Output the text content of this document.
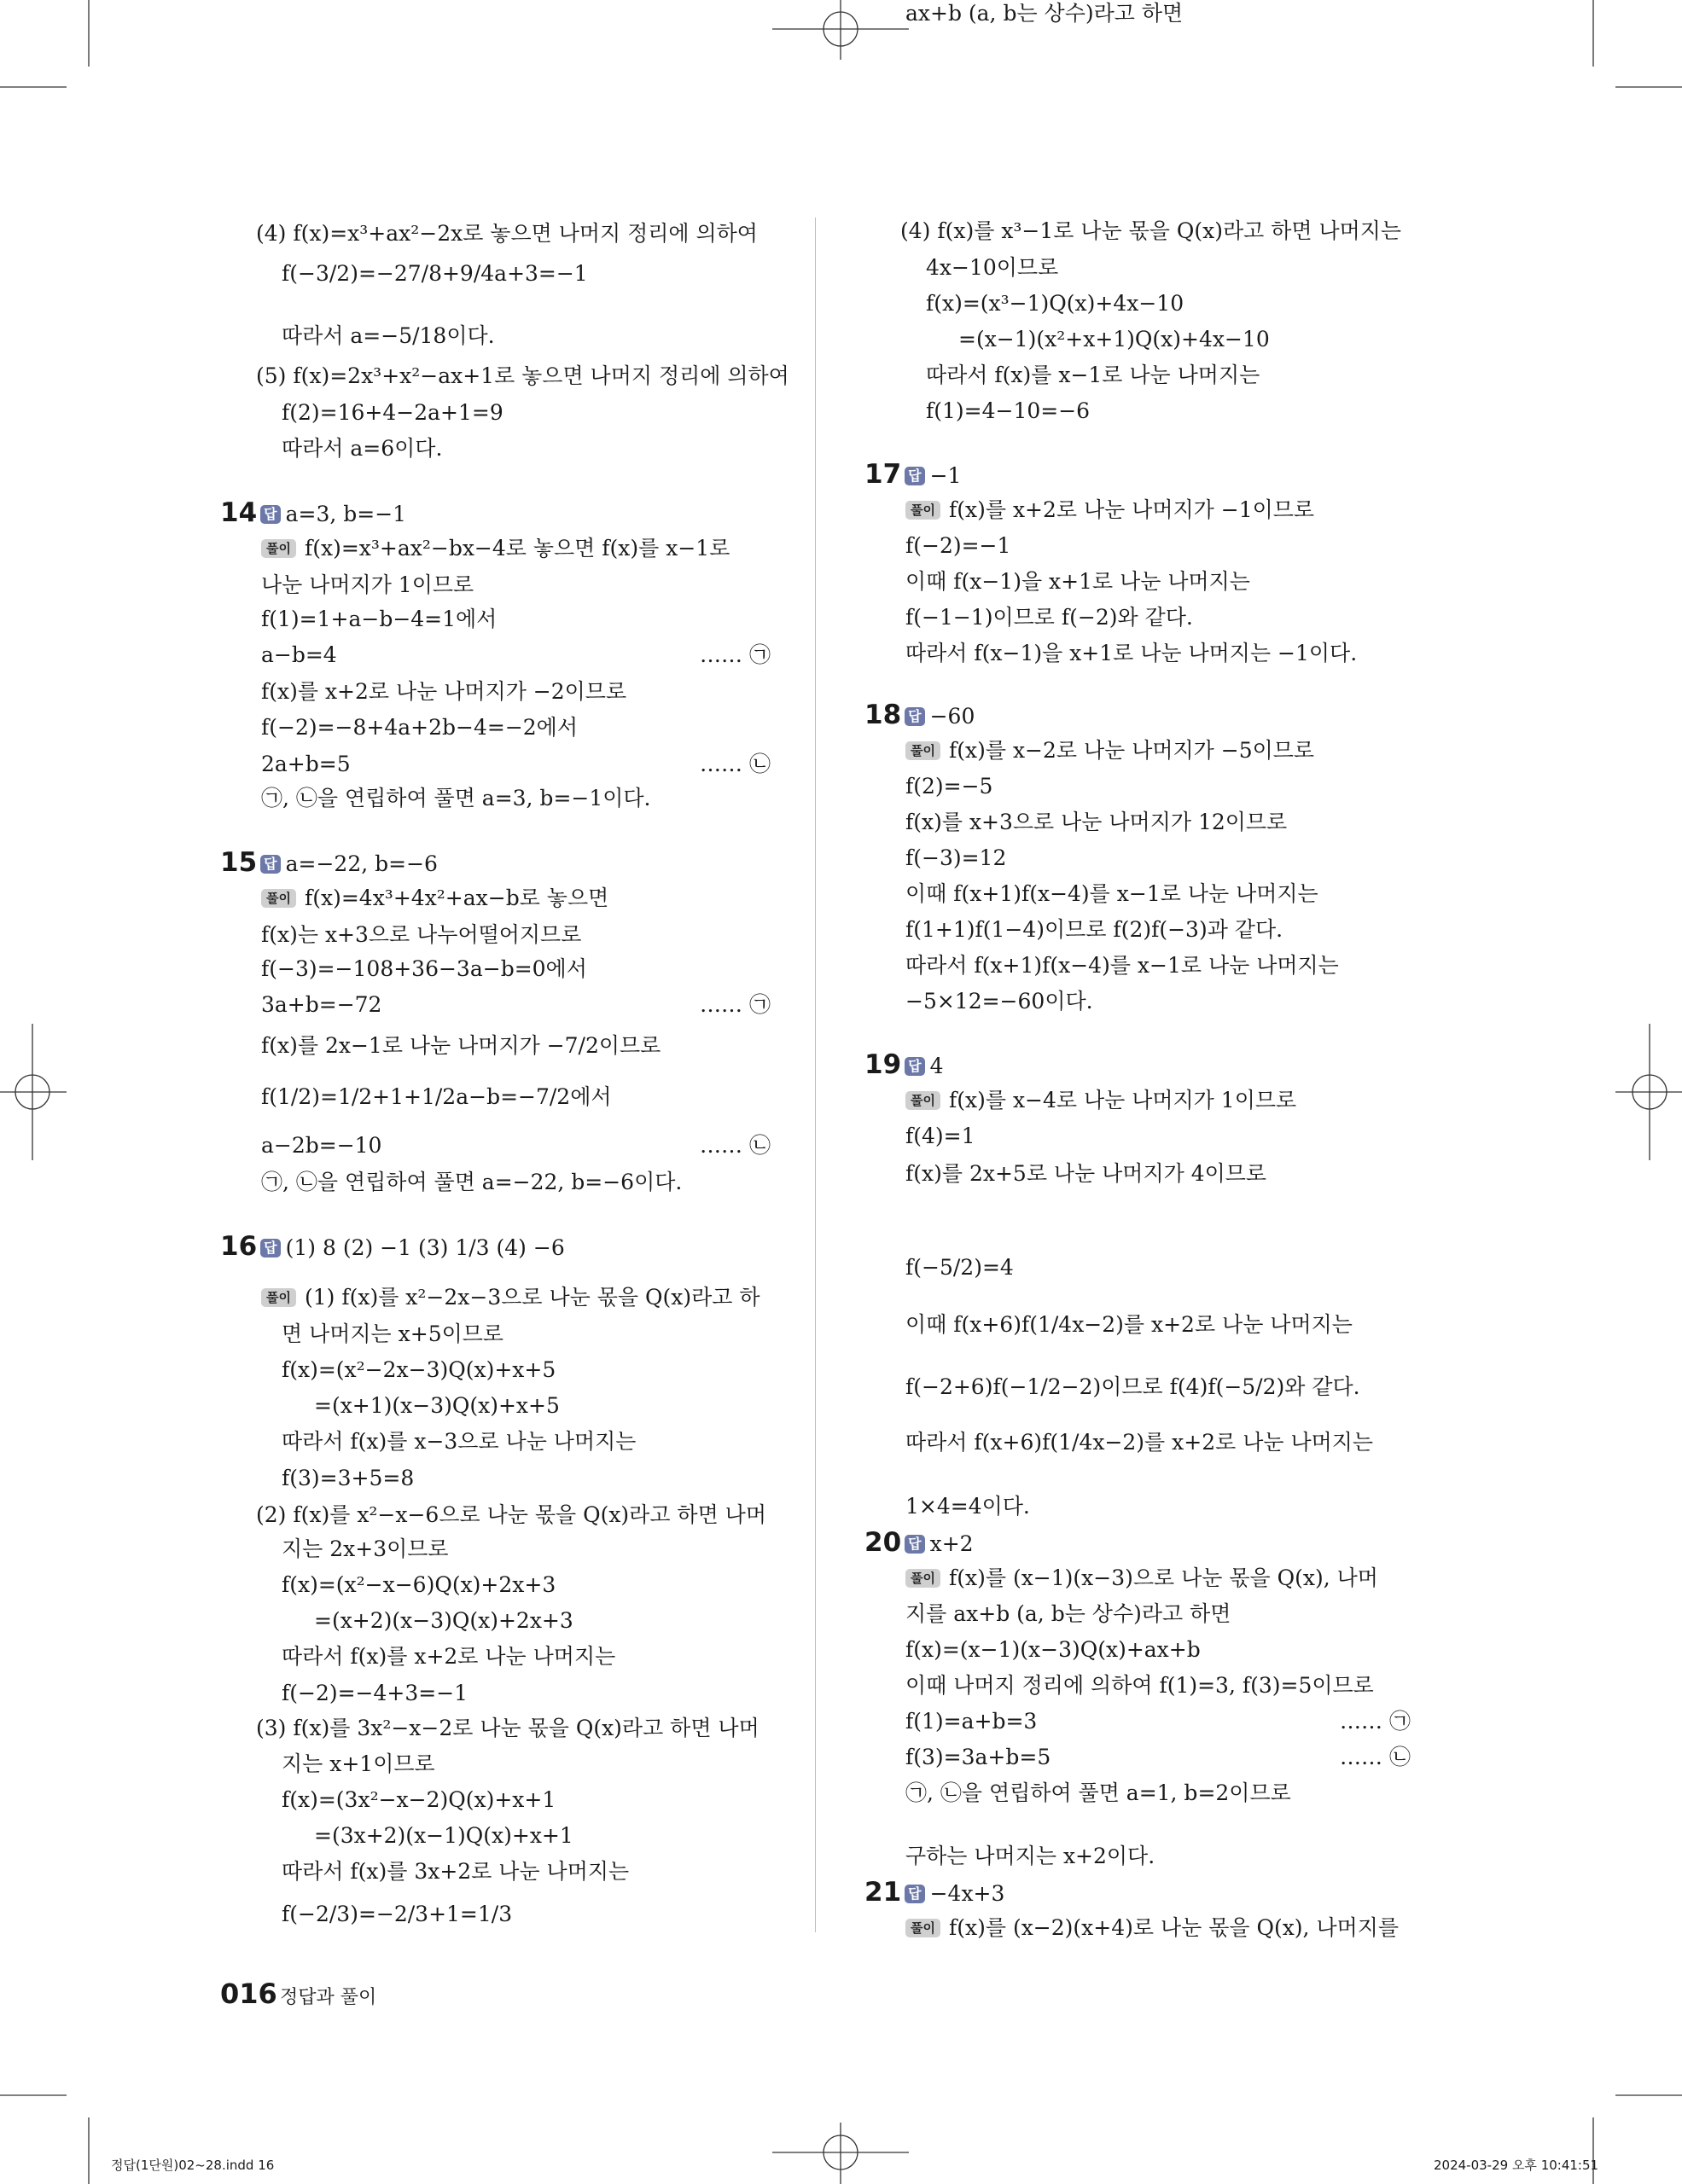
(4) f(x)=x³+ax²−2x로 놓으면 나머지 정리에 의하여
f(−3/2)=−27/8+9/4a+3=−1
따라서 a=−5/18이다.
(5) f(x)=2x³+x²−ax+1로 놓으면 나머지 정리에 의하여
f(2)=16+4−2a+1=9
따라서 a=6이다.
14 답 a=3, b=−1
풀이 f(x)=x³+ax²−bx−4로 놓으면 f(x)를 x−1로
나눈 나머지가 1이므로
f(1)=1+a−b−4=1에서
a−b=4	…… ㉠
f(x)를 x+2로 나눈 나머지가 −2이므로
f(−2)=−8+4a+2b−4=−2에서
2a+b=5	…… ㉡
㉠, ㉡을 연립하여 풀면 a=3, b=−1이다.
15 답 a=−22, b=−6
풀이 f(x)=4x³+4x²+ax−b로 놓으면
f(x)는 x+3으로 나누어떨어지므로
f(−3)=−108+36−3a−b=0에서
3a+b=−72	…… ㉠
f(x)를 2x−1로 나눈 나머지가 −7/2이므로
f(1/2)=1/2+1+1/2a−b=−7/2에서
a−2b=−10	…… ㉡
㉠, ㉡을 연립하여 풀면 a=−22, b=−6이다.
16 답 (1) 8 (2) −1 (3) 1/3 (4) −6
풀이 (1) f(x)를 x²−2x−3으로 나눈 몫을 Q(x)라고 하
면 나머지는 x+5이므로
f(x)=(x²−2x−3)Q(x)+x+5
=(x+1)(x−3)Q(x)+x+5
따라서 f(x)를 x−3으로 나눈 나머지는
f(3)=3+5=8
(2) f(x)를 x²−x−6으로 나눈 몫을 Q(x)라고 하면 나머
지는 2x+3이므로
f(x)=(x²−x−6)Q(x)+2x+3
=(x+2)(x−3)Q(x)+2x+3
따라서 f(x)를 x+2로 나눈 나머지는
f(−2)=−4+3=−1
(3) f(x)를 3x²−x−2로 나눈 몫을 Q(x)라고 하면 나머
지는 x+1이므로
f(x)=(3x²−x−2)Q(x)+x+1
=(3x+2)(x−1)Q(x)+x+1
따라서 f(x)를 3x+2로 나눈 나머지는
f(−2/3)=−2/3+1=1/3
(4) f(x)를 x³−1로 나눈 몫을 Q(x)라고 하면 나머지는
4x−10이므로
f(x)=(x³−1)Q(x)+4x−10
=(x−1)(x²+x+1)Q(x)+4x−10
따라서 f(x)를 x−1로 나눈 나머지는
f(1)=4−10=−6
17 답 −1
풀이 f(x)를 x+2로 나눈 나머지가 −1이므로
f(−2)=−1
이때 f(x−1)을 x+1로 나눈 나머지는
f(−1−1)이므로 f(−2)와 같다.
따라서 f(x−1)을 x+1로 나눈 나머지는 −1이다.
18 답 −60
풀이 f(x)를 x−2로 나눈 나머지가 −5이므로
f(2)=−5
f(x)를 x+3으로 나눈 나머지가 12이므로
f(−3)=12
이때 f(x+1)f(x−4)를 x−1로 나눈 나머지는
f(1+1)f(1−4)이므로 f(2)f(−3)과 같다.
따라서 f(x+1)f(x−4)를 x−1로 나눈 나머지는
−5×12=−60이다.
19 답 4
풀이 f(x)를 x−4로 나눈 나머지가 1이므로
f(4)=1
f(x)를 2x+5로 나눈 나머지가 4이므로
f(−5/2)=4
이때 f(x+6)f(1/4x−2)를 x+2로 나눈 나머지는
f(−2+6)f(−1/2−2)이므로 f(4)f(−5/2)와 같다.
따라서 f(x+6)f(1/4x−2)를 x+2로 나눈 나머지는
1×4=4이다.
20 답 x+2
풀이 f(x)를 (x−1)(x−3)으로 나눈 몫을 Q(x), 나머
지를 ax+b (a, b는 상수)라고 하면
f(x)=(x−1)(x−3)Q(x)+ax+b
이때 나머지 정리에 의하여 f(1)=3, f(3)=5이므로
f(1)=a+b=3	…… ㉠
f(3)=3a+b=5	…… ㉡
㉠, ㉡을 연립하여 풀면 a=1, b=2이므로
구하는 나머지는 x+2이다.
21 답 −4x+3
풀이 f(x)를 (x−2)(x+4)로 나눈 몫을 Q(x), 나머지를
ax+b (a, b는 상수)라고 하면
016 정답과 풀이
정답(1단원)02~28.indd 16	2024-03-29 오후 10:41:51
